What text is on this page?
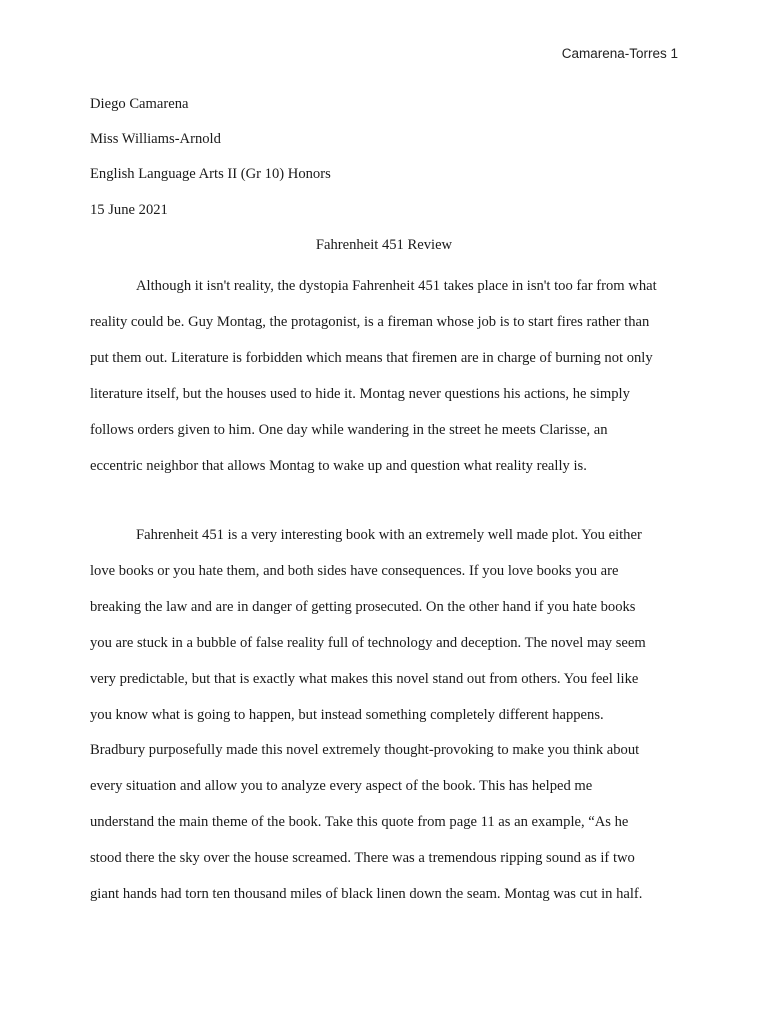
Camarena-Torres 1
Diego Camarena
Miss Williams-Arnold
English Language Arts II (Gr 10) Honors
15 June 2021
Fahrenheit 451 Review
Although it isn't reality, the dystopia Fahrenheit 451 takes place in isn't too far from what
reality could be. Guy Montag, the protagonist, is a fireman whose job is to start fires rather than
put them out. Literature is forbidden which means that firemen are in charge of burning not only
literature itself, but the houses used to hide it. Montag never questions his actions, he simply
follows orders given to him. One day while wandering in the street he meets Clarisse, an
eccentric neighbor that allows Montag to wake up and question what reality really is.
Fahrenheit 451 is a very interesting book with an extremely well made plot. You either
love books or you hate them, and both sides have consequences. If you love books you are
breaking the law and are in danger of getting prosecuted. On the other hand if you hate books
you are stuck in a bubble of false reality full of technology and deception. The novel may seem
very predictable, but that is exactly what makes this novel stand out from others. You feel like
you know what is going to happen, but instead something completely different happens.
Bradbury purposefully made this novel extremely thought-provoking to make you think about
every situation and allow you to analyze every aspect of the book. This has helped me
understand the main theme of the book. Take this quote from page 11 as an example, “As he
stood there the sky over the house screamed. There was a tremendous ripping sound as if two
giant hands had torn ten thousand miles of black linen down the seam. Montag was cut in half.
